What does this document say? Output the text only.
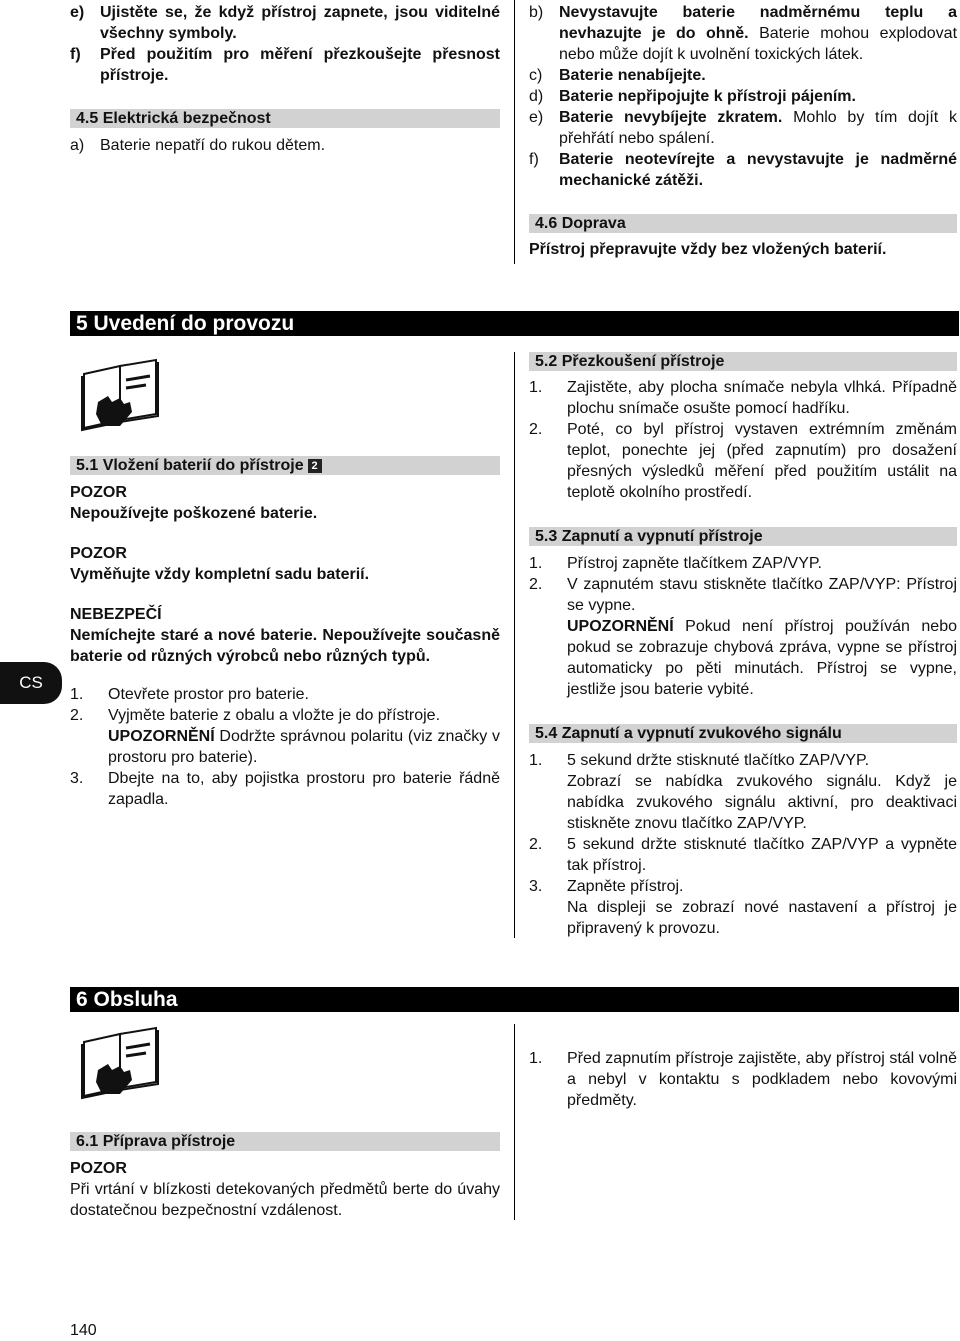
e) Ujistěte se, že když přístroj zapnete, jsou viditelné všechny symboly.
f) Před použitím pro měření přezkoušejte přesnost přístroje.
4.5 Elektrická bezpečnost
a) Baterie nepatří do rukou dětem.
b) Nevystavujte baterie nadměrnému teplu a nevhazujte je do ohně. Baterie mohou explodovat nebo může dojít k uvolnění toxických látek.
c) Baterie nenabíjejte.
d) Baterie nepřipojujte k přístroji pájením.
e) Baterie nevybíjejte zkratem. Mohlo by tím dojít k přehřátí nebo spálení.
f) Baterie neotevírejte a nevystavujte je nadměrné mechanické zátěži.
4.6 Doprava
Přístroj přepravujte vždy bez vložených baterií.
5 Uvedení do provozu
5.1 Vložení baterií do přístroje 2

POZOR

Nepoužívejte poškozené baterie.

POZOR

Vyměňujte vždy kompletní sadu baterií.

NEBEZPEČÍ

Nemíchejte staré a nové baterie. Nepoužívejte současně baterie od různých výrobců nebo různých typů.

1. Otevřete prostor pro baterie.
2. Vyjměte baterie z obalu a vložte je do přístroje.
UPOZORNĚNÍ Dodržte správnou polaritu (viz značky v prostoru pro baterie).
3. Dbejte na to, aby pojistka prostoru pro baterie řádně zapadla.
5.2 Přezkoušení přístroje
1. Zajistěte, aby plocha snímače nebyla vlhká. Případně plochu snímače osušte pomocí hadříku.
2. Poté, co byl přístroj vystaven extrémním změnám teplot, ponechte jej (před zapnutím) pro dosažení přesných výsledků měření před použitím ustálit na teplotě okolního prostředí.
5.3 Zapnutí a vypnutí přístroje
1. Přístroj zapněte tlačítkem ZAP/VYP.
2. V zapnutém stavu stiskněte tlačítko ZAP/VYP: Přístroj se vypne.
UPOZORNĚNÍ Pokud není přístroj používán nebo pokud se zobrazuje chybová zpráva, vypne se přístroj automaticky po pěti minutách. Přístroj se vypne, jestliže jsou baterie vybité.
5.4 Zapnutí a vypnutí zvukového signálu
1. 5 sekund držte stisknuté tlačítko ZAP/VYP.
Zobrazí se nabídka zvukového signálu. Když je nabídka zvukového signálu aktivní, pro deaktivaci stiskněte znovu tlačítko ZAP/VYP.
2. 5 sekund držte stisknuté tlačítko ZAP/VYP a vypněte tak přístroj.
3. Zapněte přístroj.
Na displeji se zobrazí nové nastavení a přístroj je připravený k provozu.
CS
6 Obsluha
1. Před zapnutím přístroje zajistěte, aby přístroj stál volně a nebyl v kontaktu s podkladem nebo kovovými předměty.
6.1 Příprava přístroje

POZOR

Při vrtání v blízkosti detekovaných předmětů berte do úvahy dostatečnou bezpečnostní vzdálenost.

140
